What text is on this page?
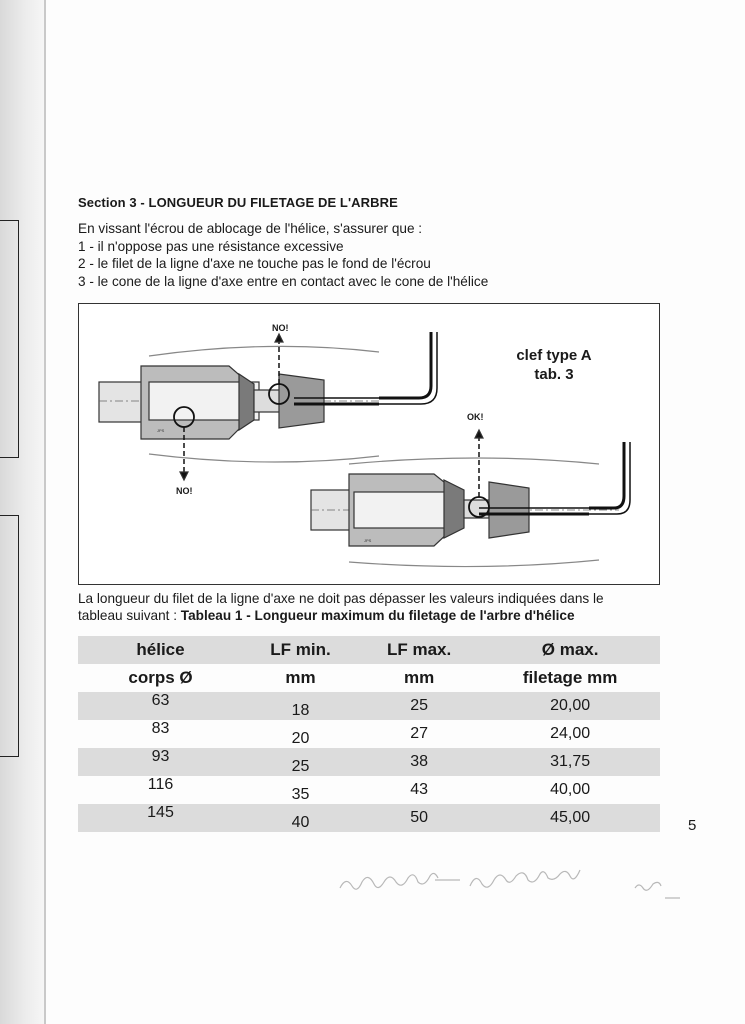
Section 3 - LONGUEUR DU FILETAGE DE L'ARBRE
En vissant l'écrou de ablocage de l'hélice, s'assurer que :
1 - il n'oppose pas une résistance excessive
2 - le filet de la ligne d'axe ne touche pas le fond de l'écrou
3 - le cone de la ligne d'axe entre en contact avec le cone de l'hélice
JPS
JPS
NO!
NO!
OK!
clef type A
tab. 3
La longueur du filet de la ligne d'axe ne doit pas dépasser les valeurs indiquées dans le
tableau suivant : Tableau 1 - Longueur maximum du filetage de l'arbre d'hélice
hélice	LF min.	LF max.	Ø max.
corps Ø	mm	mm	filetage mm
63	18	25	20,00
83	20	27	24,00
93	25	38	31,75
116	35	43	40,00
145	40	50	45,00	5
